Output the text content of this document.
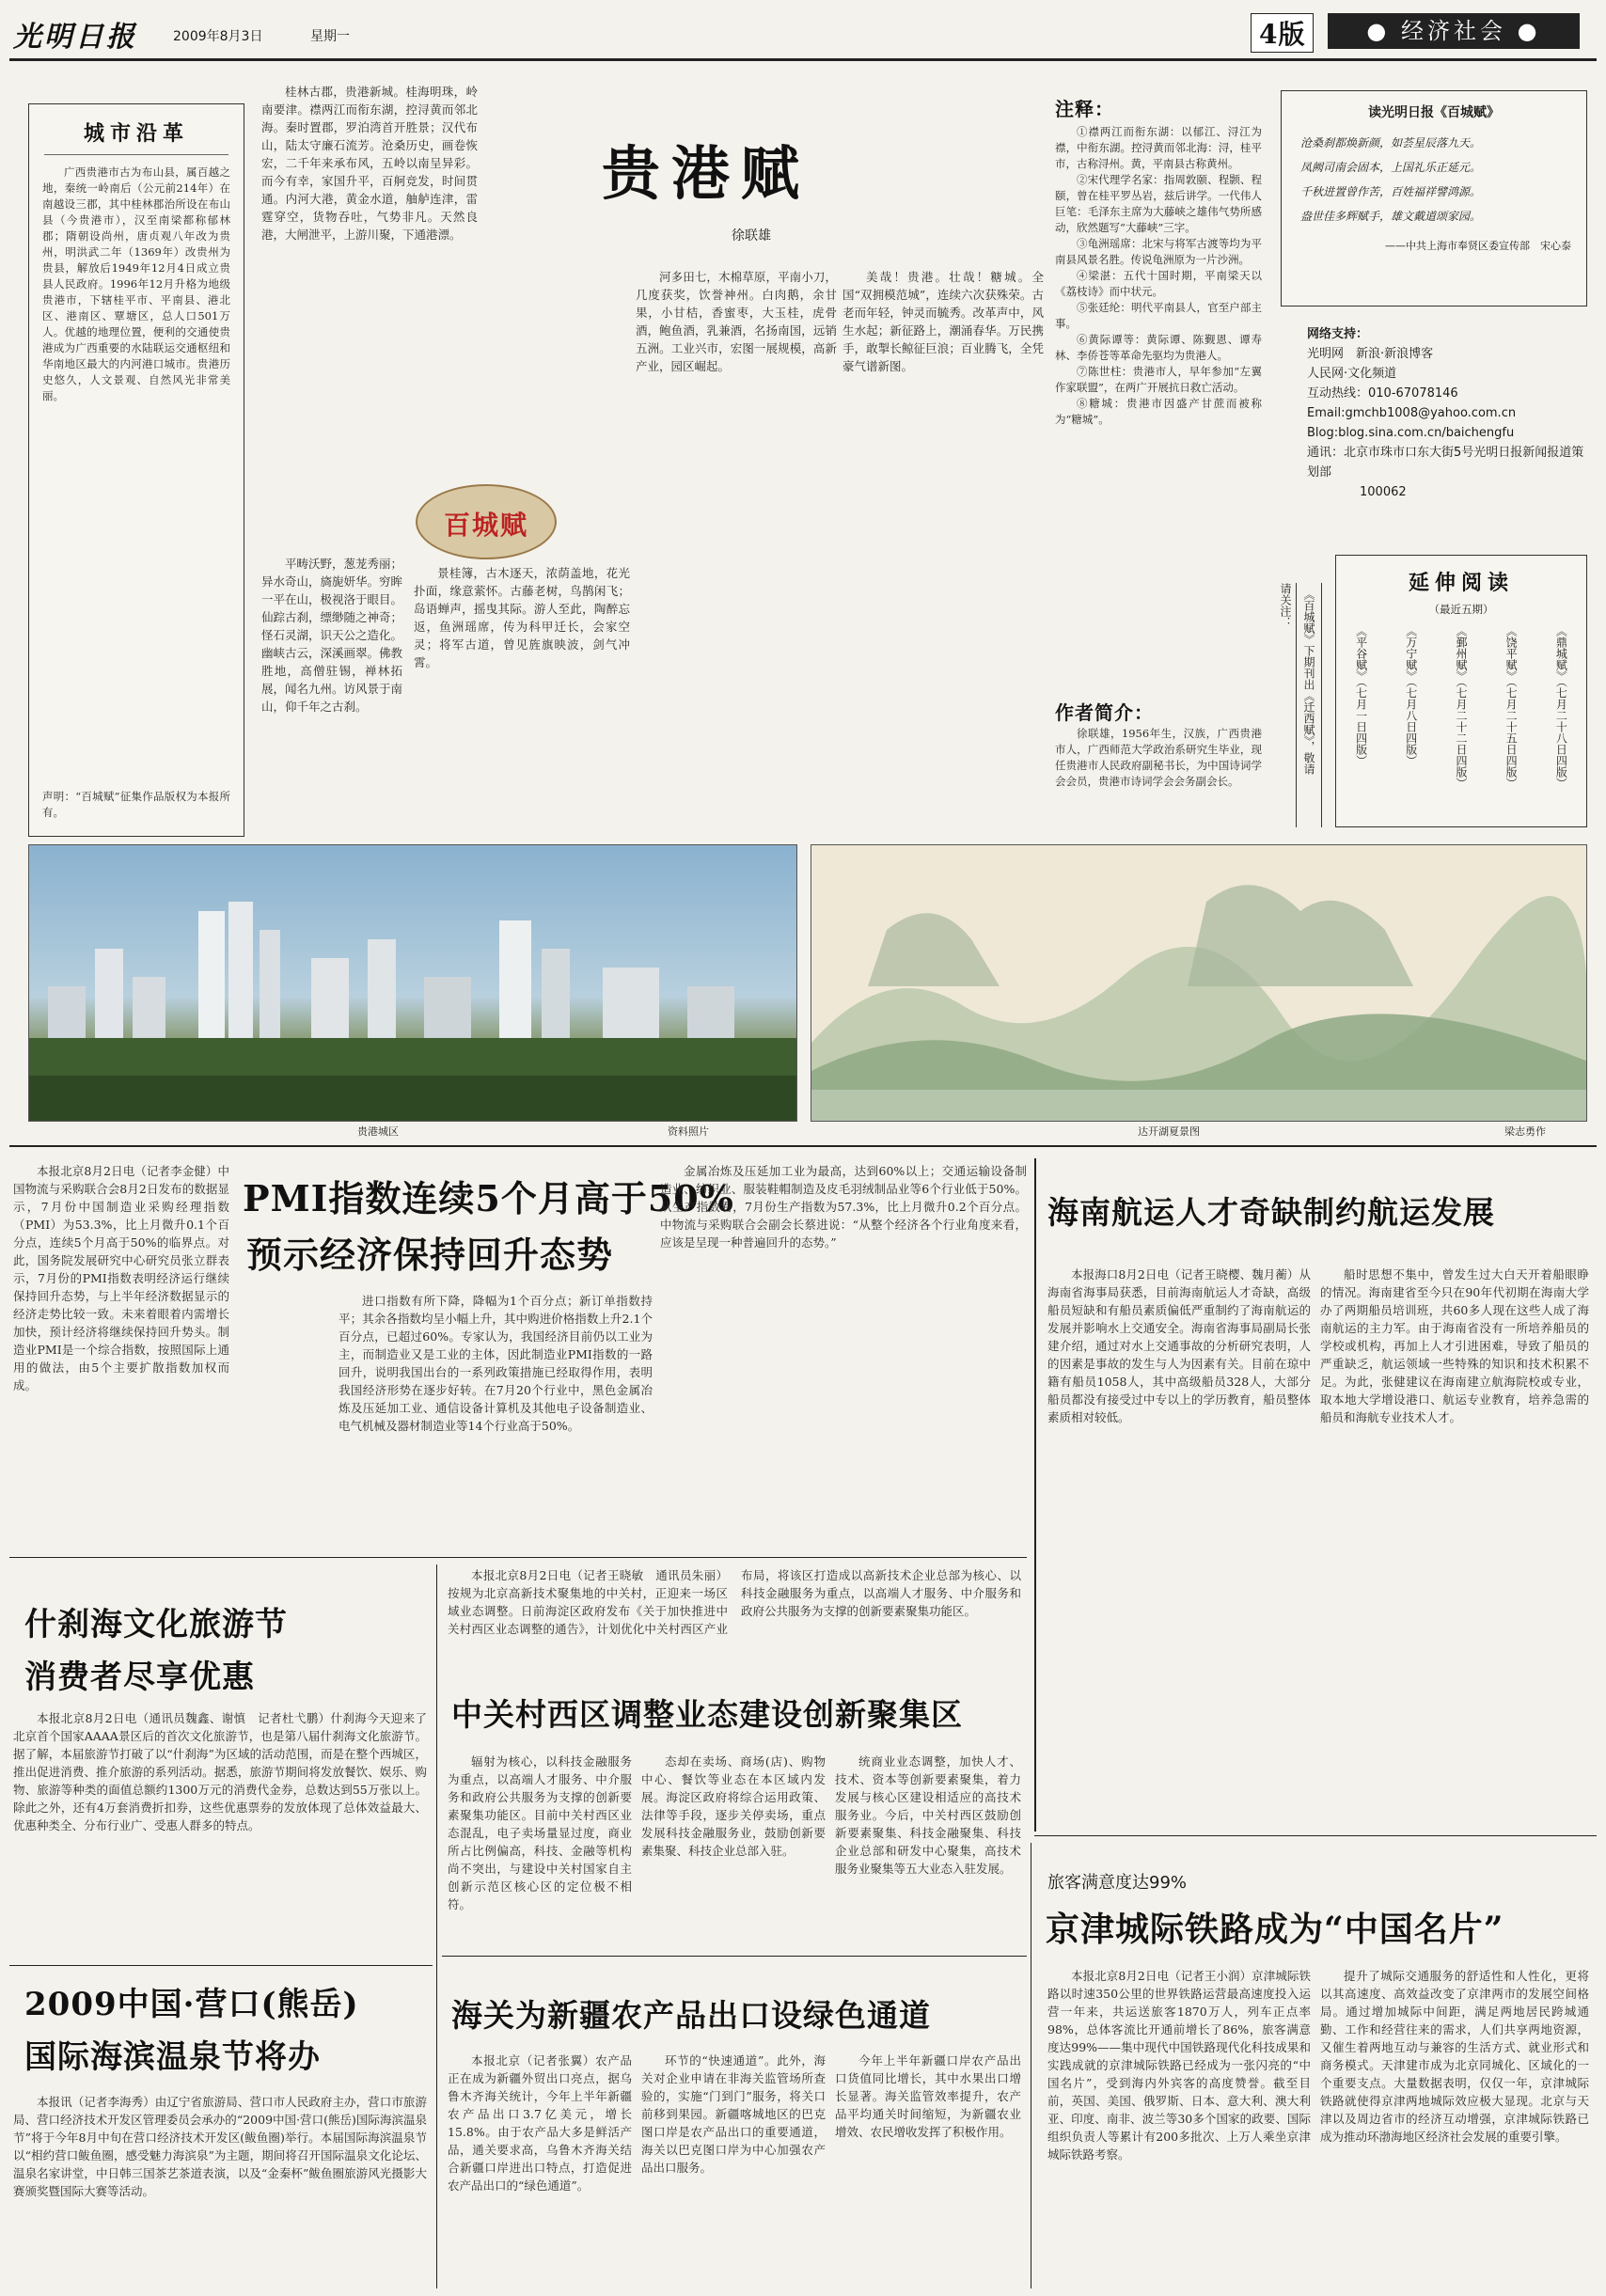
光明日报	2009年8月3日	星期一	4版	● 经济社会 ●
城市沿革

广西贵港市古为布山县，属百越之地，秦统一岭南后（公元前214年）在南越设三郡，其中桂林郡治所设在布山县（今贵港市），汉至南梁都称郁林郡；隋朝设尚州，唐贞观八年改为贵州，明洪武二年（1369年）改贵州为贵县，解放后1949年12月4日成立贵县人民政府。1996年12月升格为地级贵港市，下辖桂平市、平南县、港北区、港南区、覃塘区，总人口501万人。优越的地理位置，便利的交通使贵港成为广西重要的水陆联运交通枢纽和华南地区最大的内河港口城市。贵港历史悠久，人文景观、自然风光非常美丽。

声明：“百城赋”征集作品版权为本报所有。
贵港赋
徐联雄

桂林古郡，贵港新城。桂海明珠，岭南要津。襟两江而衔东湖，控浔黄而邻北海。秦时置郡，罗泊湾首开胜景；汉代布山，陆太守廉石流芳。沧桑历史，画卷恢宏，二千年来承布风，五岭以南呈异彩。而今有幸，家国升平，百舸竞发，时间贯通。内河大港，黄金水道，舳舻连津，雷霆穿空，货物吞吐，气势非凡。天然良港，大闸泄平，上游川聚，下通港漂。

平畴沃野，葱茏秀丽；异水奇山，旖旎妍华。穷眸一平在山，极视洛于眼目。仙踪古刹，缥缈随之神奇；怪石灵湖，识天公之造化。幽峡古云，深溪画翠。佛教胜地，高僧驻锡，禅林拓展，闻名九州。访风景于南山，仰千年之古刹。

百城赋

景桂簿，古木逐天，浓荫盖地，花光扑面，缘意萦怀。古藤老树，鸟鹊闲飞；岛语蝉声，摇曳其际。游人至此，陶醉忘返，鱼洲瑶席，传为科甲迁长，会家空灵；将军古道，曾见旌旗映波，剑气冲霄。

河多田七，木棉草原，平南小刀，几度获奖，饮誉神州。白肉鹅，余甘果，小甘桔，香蜜枣，大玉桂，虎骨酒，鲍鱼酒，乳兼酒，名扬南国，远销五洲。工业兴市，宏图一展规模，高新产业，园区崛起。

美哉！贵港。壮哉！糖城。全国“双拥模范城”，连续六次获殊荣。古老而年轻，钟灵而毓秀。改革声中，风生水起；新征路上，潮涌春华。万民携手，敢掣长鲸征巨浪；百业腾飞，全凭豪气谱新图。

注释：

①襟两江而衔东湖：以郁江、浔江为襟，中衔东湖。控浔黄而邻北海：浔，桂平市，古称浔州。黄，平南县古称黄州。

②宋代理学名家：指周敦颐、程颢、程颐，曾在桂平罗丛岩，兹后讲学。一代伟人巨笔：毛泽东主席为大藤峡之雄伟气势所感动，欣然题写“大藤峡”三字。

③龟洲瑶席：北宋与将军古渡等均为平南县风景名胜。传说龟洲原为一片沙洲。

④梁湛：五代十国时期，平南梁天以《荔枝诗》而中状元。

⑤张廷纶：明代平南县人，官至户部主事。

⑥黄际谭等：黄际谭、陈觐恩、谭寿林、李侨苍等革命先驱均为贵港人。

⑦陈世柱：贵港市人，早年参加“左翼作家联盟”，在两广开展抗日救亡活动。

⑧糖城：贵港市因盛产甘蔗而被称为“糖城”。

作者简介：

徐联雄，1956年生，汉族，广西贵港市人，广西师范大学政治系研究生毕业，现任贵港市人民政府副秘书长，为中国诗词学会会员，贵港市诗词学会会务副会长。

读光明日报《百城赋》
沧桑刹都焕新颜，如荟星辰落九天。
凤阙司南会固本，上国礼乐正延元。
千秋进置曾作苦，百姓福祥譬鸿源。
盎世佳多辉赋手，雄文戴道颂家园。
——中共上海市奉贤区委宣传部　宋心泰
网络支持：
光明网　新浪·新浪博客
人民网·文化频道
互动热线：010-67078146
Email:gmchb1008@yahoo.com.cn
Blog:blog.sina.com.cn/baichengfu
通讯：北京市珠市口东大街5号光明日报新闻报道策划部
100062
请关注： 《百城赋》下期刊出《迁西赋》，敬请
延伸阅读
（最近五期）
《鼎城赋》（七月二十八日四版）
《饶平赋》（七月二十五日四版）
《鄞州赋》（七月二十二日四版）
《万宁赋》（七月八日四版）
《平谷赋》（七月一日四版）
贵港城区	资料照片	达开湖夏景图	梁志勇作

本报北京8月2日电（记者李金健）中国物流与采购联合会8月2日发布的数据显示，7月份中国制造业采购经理指数（PMI）为53.3%，比上月微升0.1个百分点，连续5个月高于50%的临界点。对此，国务院发展研究中心研究员张立群表示，7月份的PMI指数表明经济运行继续保持回升态势，与上半年经济数据显示的经济走势比较一致。未来着眼着内需增长加快，预计经济将继续保持回升势头。制造业PMI是一个综合指数，按照国际上通用的做法，由5个主要扩散指数加权而成。

PMI指数连续5个月高于50%
预示经济保持回升态势

进口指数有所下降，降幅为1个百分点；新订单指数持平；其余各指数均呈小幅上升，其中购进价格指数上升2.1个百分点，已超过60%。专家认为，我国经济目前仍以工业为主，而制造业又是工业的主体，因此制造业PMI指数的一路回升，说明我国出台的一系列政策措施已经取得作用，表明我国经济形势在逐步好转。在7月20个行业中，黑色金属冶炼及压延加工业、通信设备计算机及其他电子设备制造业、电气机械及器材制造业等14个行业高于50%。

金属冶炼及压延加工业为最高，达到60%以上；交通运输设备制造业、纺织业、服装鞋帽制造及皮毛羽绒制品业等6个行业低于50%。从生产指数看，7月份生产指数为57.3%，比上月微升0.2个百分点。中物流与采购联合会副会长蔡进说：“从整个经济各个行业角度来看，应该是呈现一种普遍回升的态势。”

海南航运人才奇缺制约航运发展

本报海口8月2日电（记者王晓樱、魏月蘅）从海南省海事局获悉，目前海南航运人才奇缺，高级船员短缺和有船员素质偏低严重制约了海南航运的发展并影响水上交通安全。海南省海事局副局长张建介绍，通过对水上交通事故的分析研究表明，人的因素是事故的发生与人为因素有关。目前在琼中籍有船员1058人，其中高级船员328人，大部分船员都没有接受过中专以上的学历教育，船员整体素质相对较低。

船时思想不集中，曾发生过大白天开着船眼睁的情况。海南建省至今只在90年代初期在海南大学办了两期船员培训班，共60多人现在这些人成了海南航运的主力军。由于海南省没有一所培养船员的学校或机构，再加上人才引进困难，导致了船员的严重缺乏，航运领域一些特殊的知识和技术积累不足。为此，张健建议在海南建立航海院校或专业，取本地大学增设港口、航运专业教育，培养急需的船员和海航专业技术人才。

什刹海文化旅游节
消费者尽享优惠

本报北京8月2日电（通讯员魏鑫、谢慎　记者杜弋鹏）什刹海今天迎来了北京首个国家AAAA景区后的首次文化旅游节，也是第八届什刹海文化旅游节。据了解，本届旅游节打破了以“什刹海”为区域的活动范围，而是在整个西城区，推出促进消费、推介旅游的系列活动。据悉，旅游节期间将发放餐饮、娱乐、购物、旅游等种类的面值总额约1300万元的消费代金券，总数达到55万张以上。除此之外，还有4万套消费折扣券，这些优惠票券的发放体现了总体效益最大、优惠种类全、分布行业广、受惠人群多的特点。

2009中国·营口(熊岳)
国际海滨温泉节将办

本报讯（记者李海秀）由辽宁省旅游局、营口市人民政府主办，营口市旅游局、营口经济技术开发区管理委员会承办的“2009中国·营口(熊岳)国际海滨温泉节”将于今年8月中旬在营口经济技术开发区(鲅鱼圈)举行。本届国际海滨温泉节以“相约营口鲅鱼圈，感受魅力海滨泉”为主题，期间将召开国际温泉文化论坛、温泉名家讲堂，中日韩三国茶艺茶道表演，以及“金秦杯”鲅鱼圈旅游风光摄影大赛颁奖暨国际大赛等活动。

本报北京8月2日电（记者王晓敏　通讯员朱丽）按规为北京高新技术聚集地的中关村，正迎来一场区域业态调整。日前海淀区政府发布《关于加快推进中关村西区业态调整的通告》，计划优化中关村西区产业布局，将该区打造成以高新技术企业总部为核心、以科技金融服务为重点，以高端人才服务、中介服务和政府公共服务为支撑的创新要素聚集功能区。

中关村西区调整业态建设创新聚集区

辐射为核心，以科技金融服务为重点，以高端人才服务、中介服务和政府公共服务为支撑的创新要素聚集功能区。目前中关村西区业态混乱，电子卖场量显过度，商业所占比例偏高，科技、金融等机构尚不突出，与建设中关村国家自主创新示范区核心区的定位极不相符。

态却在卖场、商场(店)、购物中心、餐饮等业态在本区域内发展。海淀区政府将综合运用政策、法律等手段，逐步关停卖场，重点发展科技金融服务业，鼓励创新要素集聚、科技企业总部入驻。

统商业业态调整，加快人才、技术、资本等创新要素聚集，着力发展与核心区建设相适应的高技术服务业。今后，中关村西区鼓励创新要素聚集、科技金融聚集、科技企业总部和研发中心聚集，高技术服务业聚集等五大业态入驻发展。

海关为新疆农产品出口设绿色通道

本报北京（记者张翼）农产品正在成为新疆外贸出口亮点，据乌鲁木齐海关统计，今年上半年新疆农产品出口3.7亿美元，增长15.8%。由于农产品大多是鲜活产品，通关要求高，乌鲁木齐海关结合新疆口岸进出口特点，打造促进农产品出口的“绿色通道”。

环节的“快速通道”。此外，海关对企业申请在非海关监管场所查验的，实施“门到门”服务，将关口前移到果园。新疆喀城地区的巴克图口岸是农产品出口的重要通道，海关以巴克图口岸为中心加强农产品出口服务。

今年上半年新疆口岸农产品出口货值同比增长，其中水果出口增长显著。海关监管效率提升，农产品平均通关时间缩短，为新疆农业增效、农民增收发挥了积极作用。

旅客满意度达99%
京津城际铁路成为“中国名片”

本报北京8月2日电（记者王小润）京津城际铁路以时速350公里的世界铁路运营最高速度投入运营一年来，共运送旅客1870万人，列车正点率98%，总体客流比开通前增长了86%，旅客满意度达99%——集中现代中国铁路现代化科技成果和实践成就的京津城际铁路已经成为一张闪亮的“中国名片”，受到海内外宾客的高度赞誉。截至目前，英国、美国、俄罗斯、日本、意大利、澳大利亚、印度、南非、波兰等30多个国家的政要、国际组织负责人等累计有200多批次、上万人乘坐京津城际铁路考察。

提升了城际交通服务的舒适性和人性化，更将以其高速度、高效益改变了京津两市的发展空间格局。通过增加城际中间距，满足两地居民跨城通勤、工作和经营往来的需求，人们共享两地资源，又催生着两地互动与兼容的生活方式、就业形式和商务模式。天津建市成为北京同城化、区域化的一个重要支点。大量数据表明，仅仅一年，京津城际铁路就使得京津两地城际效应极大显现。北京与天津以及周边省市的经济互动增强，京津城际铁路已成为推动环渤海地区经济社会发展的重要引擎。
